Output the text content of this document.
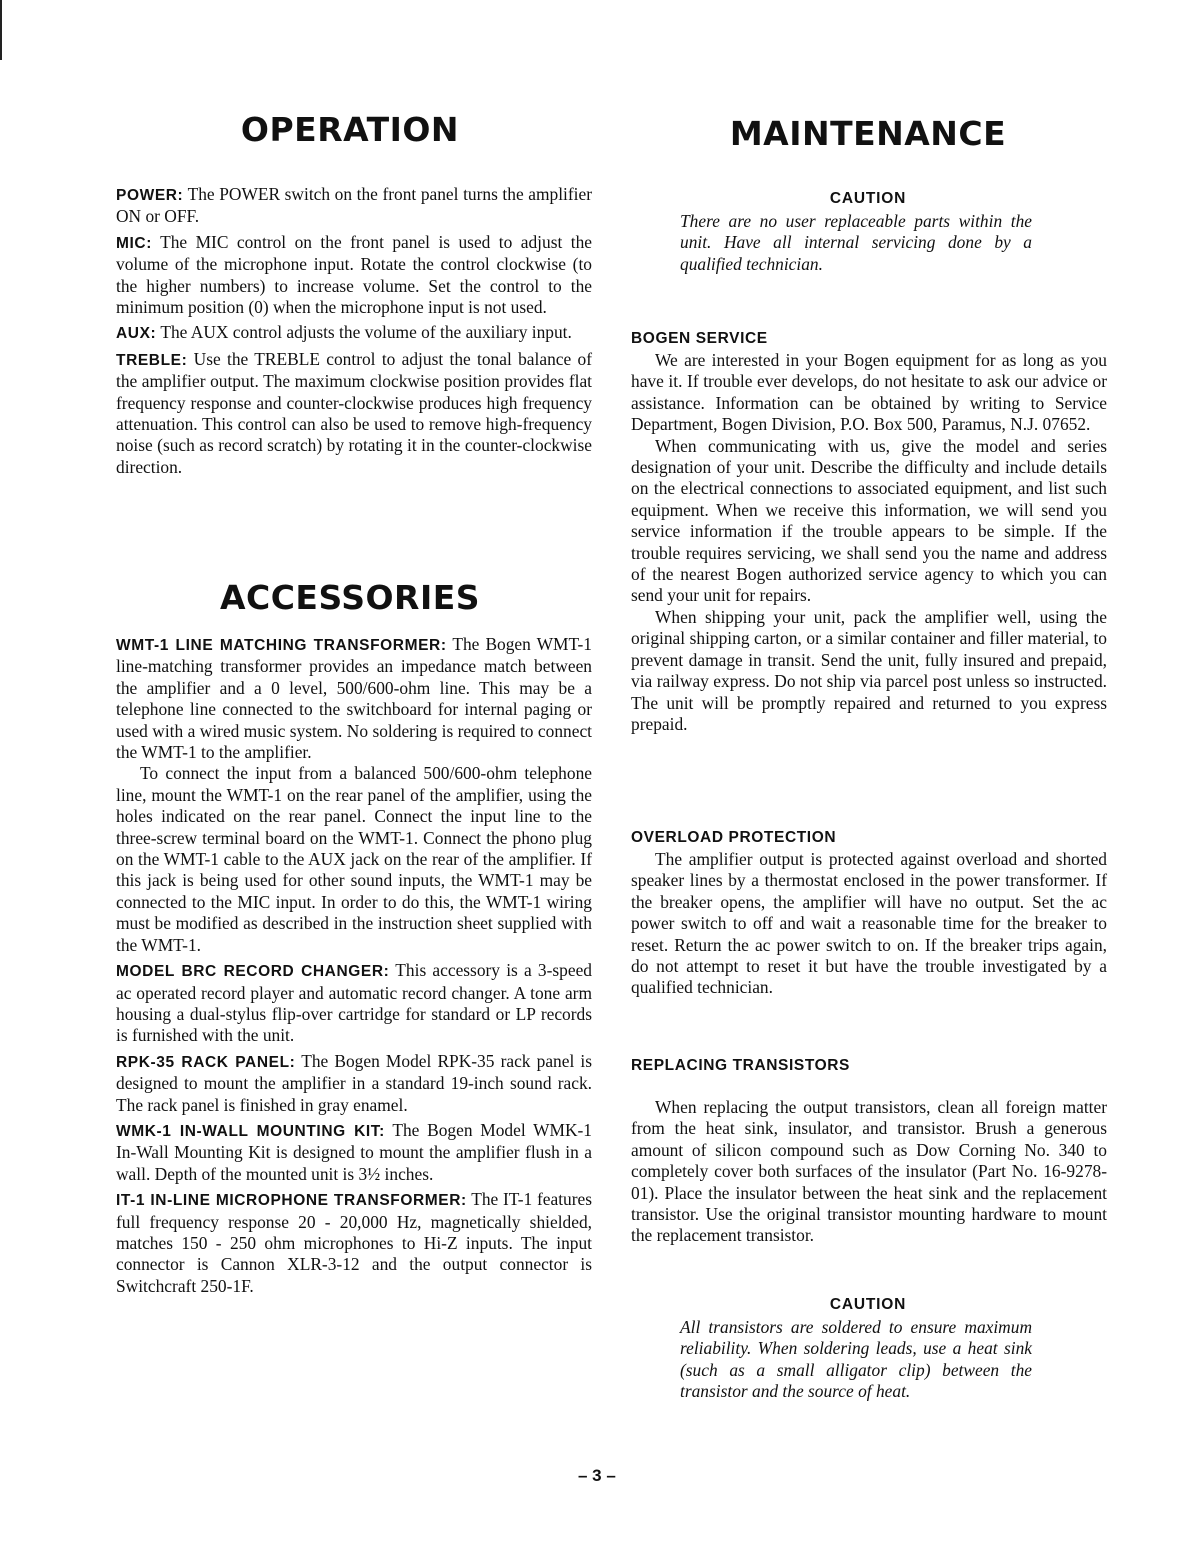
OPERATION

POWER: The POWER switch on the front panel turns the amplifier ON or OFF.

MIC: The MIC control on the front panel is used to adjust the volume of the microphone input. Rotate the control clockwise (to the higher numbers) to increase volume. Set the control to the minimum position (0) when the microphone input is not used.

AUX: The AUX control adjusts the volume of the auxiliary input.

TREBLE: Use the TREBLE control to adjust the tonal balance of the amplifier output. The maximum clockwise position provides flat frequency response and counter-clockwise produces high frequency attenuation. This control can also be used to remove high-frequency noise (such as record scratch) by rotating it in the counter-clockwise direction.

ACCESSORIES

WMT-1 LINE MATCHING TRANSFORMER: The Bogen WMT-1 line-matching transformer provides an impedance match between the amplifier and a 0 level, 500/600-ohm line. This may be a telephone line connected to the switchboard for internal paging or used with a wired music system. No soldering is required to connect the WMT-1 to the amplifier.

To connect the input from a balanced 500/600-ohm telephone line, mount the WMT-1 on the rear panel of the amplifier, using the holes indicated on the rear panel. Connect the input line to the three-screw terminal board on the WMT-1. Connect the phono plug on the WMT-1 cable to the AUX jack on the rear of the amplifier. If this jack is being used for other sound inputs, the WMT-1 may be connected to the MIC input. In order to do this, the WMT-1 wiring must be modified as described in the instruction sheet supplied with the WMT-1.

MODEL BRC RECORD CHANGER: This accessory is a 3-speed ac operated record player and automatic record changer. A tone arm housing a dual-stylus flip-over cartridge for standard or LP records is furnished with the unit.

RPK-35 RACK PANEL: The Bogen Model RPK-35 rack panel is designed to mount the amplifier in a standard 19-inch sound rack. The rack panel is finished in gray enamel.

WMK-1 IN-WALL MOUNTING KIT: The Bogen Model WMK-1 In-Wall Mounting Kit is designed to mount the amplifier flush in a wall. Depth of the mounted unit is 3½ inches.

IT-1 IN-LINE MICROPHONE TRANSFORMER: The IT-1 features full frequency response 20 - 20,000 Hz, magnetically shielded, matches 150 - 250 ohm microphones to Hi-Z inputs. The input connector is Cannon XLR-3-12 and the output connector is Switchcraft 250-1F.

MAINTENANCE
CAUTION
There are no user replaceable parts within the unit. Have all internal servicing done by a qualified technician.
BOGEN SERVICE

We are interested in your Bogen equipment for as long as you have it. If trouble ever develops, do not hesitate to ask our advice or assistance. Information can be obtained by writing to Service Department, Bogen Division, P.O. Box 500, Paramus, N.J. 07652.

When communicating with us, give the model and series designation of your unit. Describe the difficulty and include details on the electrical connections to associated equipment, and list such equipment. When we receive this information, we will send you service information if the trouble appears to be simple. If the trouble requires servicing, we shall send you the name and address of the nearest Bogen authorized service agency to which you can send your unit for repairs.

When shipping your unit, pack the amplifier well, using the original shipping carton, or a similar container and filler material, to prevent damage in transit. Send the unit, fully insured and prepaid, via railway express. Do not ship via parcel post unless so instructed. The unit will be promptly repaired and returned to you express prepaid.

OVERLOAD PROTECTION

The amplifier output is protected against overload and shorted speaker lines by a thermostat enclosed in the power transformer. If the breaker opens, the amplifier will have no output. Set the ac power switch to off and wait a reasonable time for the breaker to reset. Return the ac power switch to on. If the breaker trips again, do not attempt to reset it but have the trouble investigated by a qualified technician.

REPLACING TRANSISTORS

When replacing the output transistors, clean all foreign matter from the heat sink, insulator, and transistor. Brush a generous amount of silicon compound such as Dow Corning No. 340 to completely cover both surfaces of the insulator (Part No. 16-9278-01). Place the insulator between the heat sink and the replacement transistor. Use the original transistor mounting hardware to mount the replacement transistor.

CAUTION
All transistors are soldered to ensure maximum reliability. When soldering leads, use a heat sink (such as a small alligator clip) between the transistor and the source of heat.
– 3 –
